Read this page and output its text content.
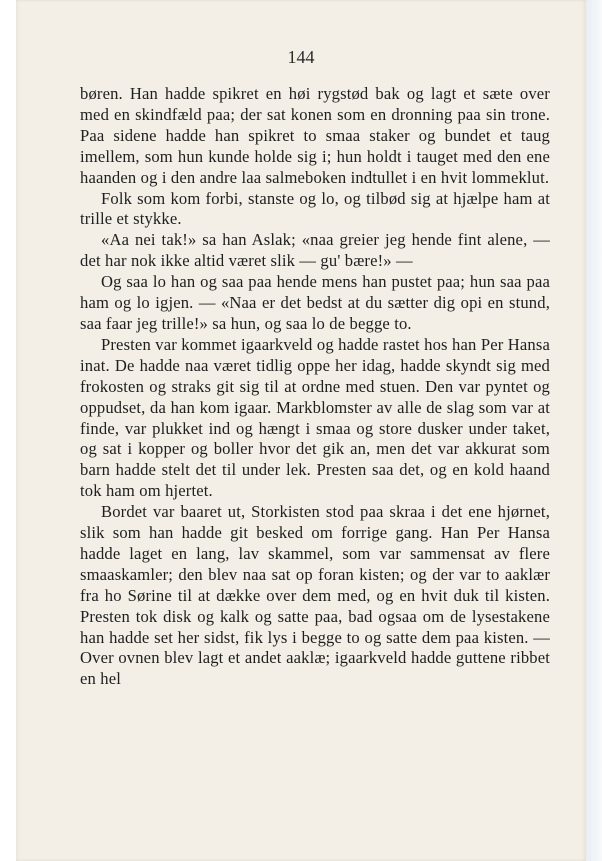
144

børen. Han hadde spikret en høi rygstød bak og lagt et sæte over med en skindfæld paa; der sat konen som en dronning paa sin trone. Paa sidene hadde han spikret to smaa staker og bundet et taug imellem, som hun kunde holde sig i; hun holdt i tauget med den ene haanden og i den andre laa salmeboken indtullet i en hvit lommeklut.

Folk som kom forbi, stanste og lo, og tilbød sig at hjælpe ham at trille et stykke.

«Aa nei tak!» sa han Aslak; «naa greier jeg hende fint alene, — det har nok ikke altid været slik — gu' bære!» —

Og saa lo han og saa paa hende mens han pustet paa; hun saa paa ham og lo igjen. — «Naa er det bedst at du sætter dig opi en stund, saa faar jeg trille!» sa hun, og saa lo de begge to.

Presten var kommet igaarkveld og hadde rastet hos han Per Hansa inat. De hadde naa været tidlig oppe her idag, hadde skyndt sig med frokosten og straks git sig til at ordne med stuen. Den var pyntet og oppudset, da han kom igaar. Markblomster av alle de slag som var at finde, var plukket ind og hængt i smaa og store dusker under taket, og sat i kopper og boller hvor det gik an, men det var akkurat som barn hadde stelt det til under lek. Presten saa det, og en kold haand tok ham om hjertet.

Bordet var baaret ut, Storkisten stod paa skraa i det ene hjørnet, slik som han hadde git besked om forrige gang. Han Per Hansa hadde laget en lang, lav skammel, som var sammensat av flere smaaskamler; den blev naa sat op foran kisten; og der var to aaklær fra ho Sørine til at dække over dem med, og en hvit duk til kisten. Presten tok disk og kalk og satte paa, bad ogsaa om de lysestakene han hadde set her sidst, fik lys i begge to og satte dem paa kisten. — Over ovnen blev lagt et andet aaklæ; igaarkveld hadde guttene ribbet en hel
